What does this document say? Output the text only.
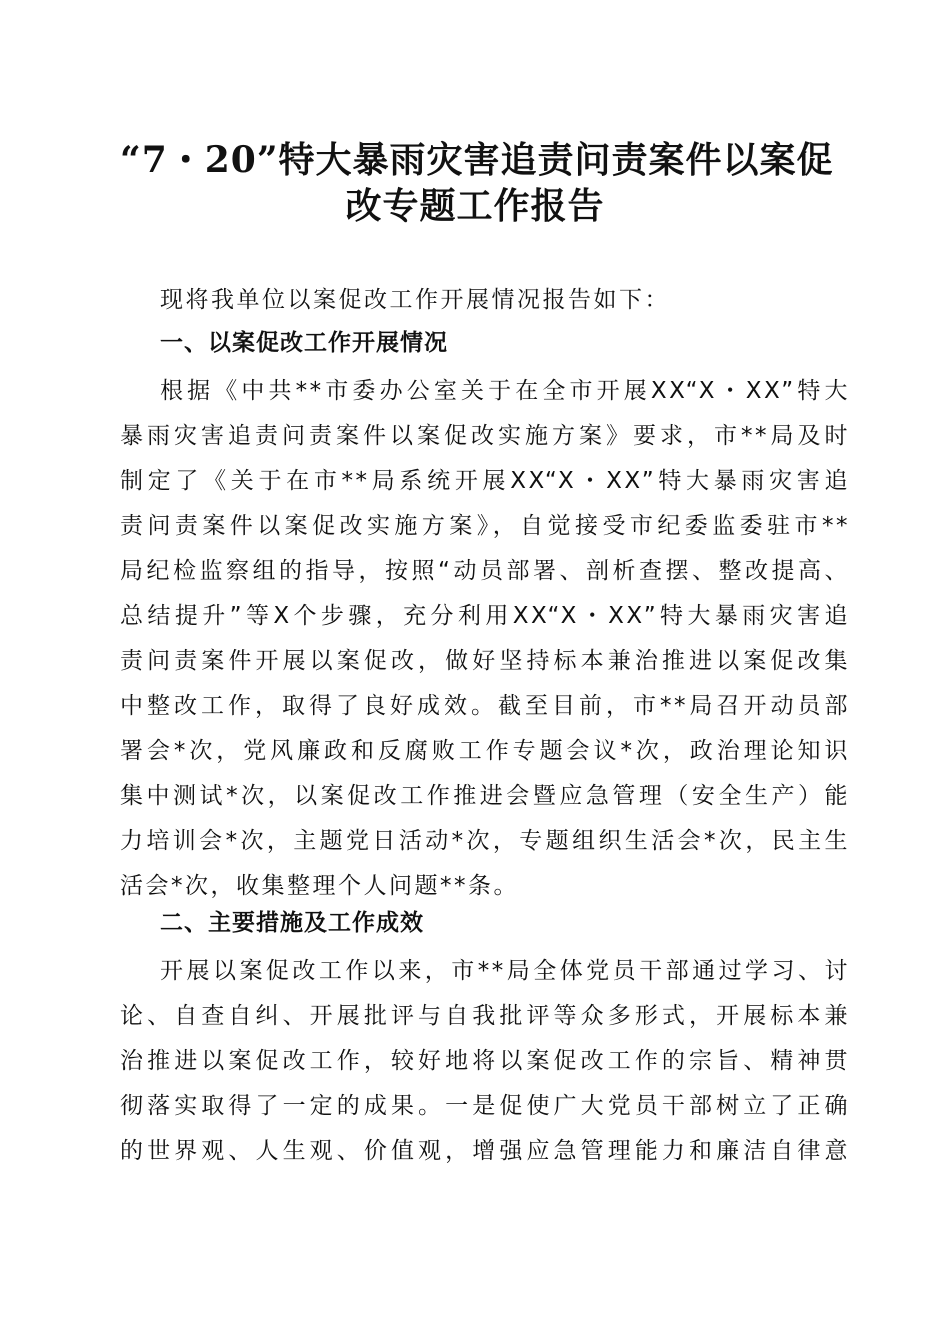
“7・20”特大暴雨灾害追责问责案件以案促
改专题工作报告
现将我单位以案促改工作开展情况报告如下：
一、以案促改工作开展情况
根据《中共**市委办公室关于在全市开展XX“X・XX”特大
暴雨灾害追责问责案件以案促改实施方案》要求，市**局及时
制定了《关于在市**局系统开展XX“X・XX”特大暴雨灾害追
责问责案件以案促改实施方案》，自觉接受市纪委监委驻市**
局纪检监察组的指导，按照“动员部署、剖析查摆、整改提高、
总结提升”等X个步骤，充分利用XX“X・XX”特大暴雨灾害追
责问责案件开展以案促改，做好坚持标本兼治推进以案促改集
中整改工作，取得了良好成效。截至目前，市**局召开动员部
署会*次，党风廉政和反腐败工作专题会议*次，政治理论知识
集中测试*次，以案促改工作推进会暨应急管理（安全生产）能
力培训会*次，主题党日活动*次，专题组织生活会*次，民主生
活会*次，收集整理个人问题**条。
二、主要措施及工作成效
开展以案促改工作以来，市**局全体党员干部通过学习、讨
论、自查自纠、开展批评与自我批评等众多形式，开展标本兼
治推进以案促改工作，较好地将以案促改工作的宗旨、精神贯
彻落实取得了一定的成果。一是促使广大党员干部树立了正确
的世界观、人生观、价值观，增强应急管理能力和廉洁自律意
